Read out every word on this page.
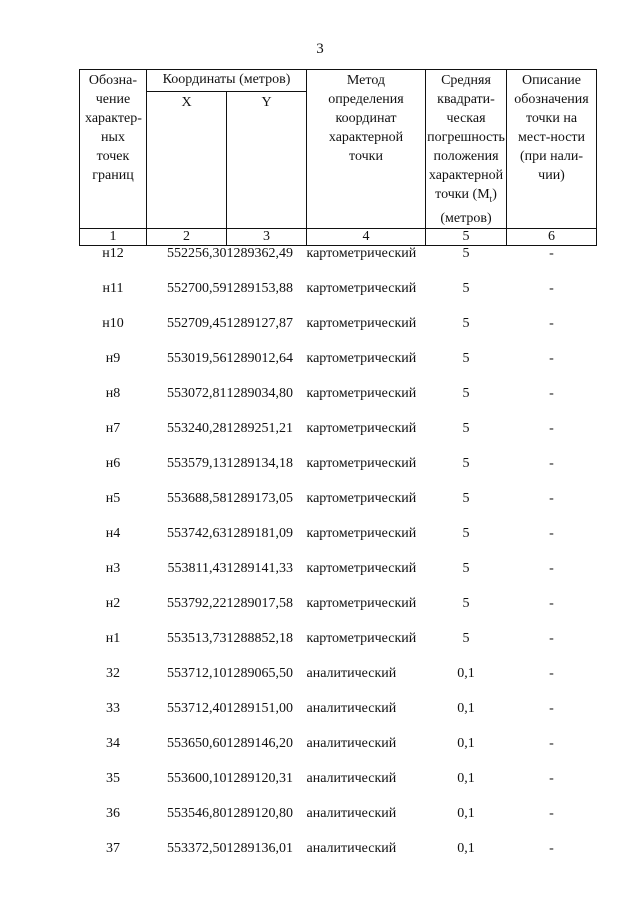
3
Обозна-чение характер-ных точек границ	Координаты (метров)		Метод определения координат характерной точки	Средняя квадрати-ческая погрешность положения характерной точки $(M_t)$ (метров)	Описание обозначения точки на мест-ности (при нали-чии)

	X	Y			
1	2	3	4	5	6
н12	552256,30	1289362,49	картометрический	5	-
н11	552700,59	1289153,88	картометрический	5	-
н10	552709,45	1289127,87	картометрический	5	-
н9	553019,56	1289012,64	картометрический	5	-
н8	553072,81	1289034,80	картометрический	5	-
н7	553240,28	1289251,21	картометрический	5	-
н6	553579,13	1289134,18	картометрический	5	-
н5	553688,58	1289173,05	картометрический	5	-
н4	553742,63	1289181,09	картометрический	5	-
н3	553811,43	1289141,33	картометрический	5	-
н2	553792,22	1289017,58	картометрический	5	-
н1	553513,73	1288852,18	картометрический	5	-
32	553712,10	1289065,50	аналитический	0,1	-
33	553712,40	1289151,00	аналитический	0,1	-
34	553650,60	1289146,20	аналитический	0,1	-
35	553600,10	1289120,31	аналитический	0,1	-
36	553546,80	1289120,80	аналитический	0,1	-
37	553372,50	1289136,01	аналитический	0,1	-
